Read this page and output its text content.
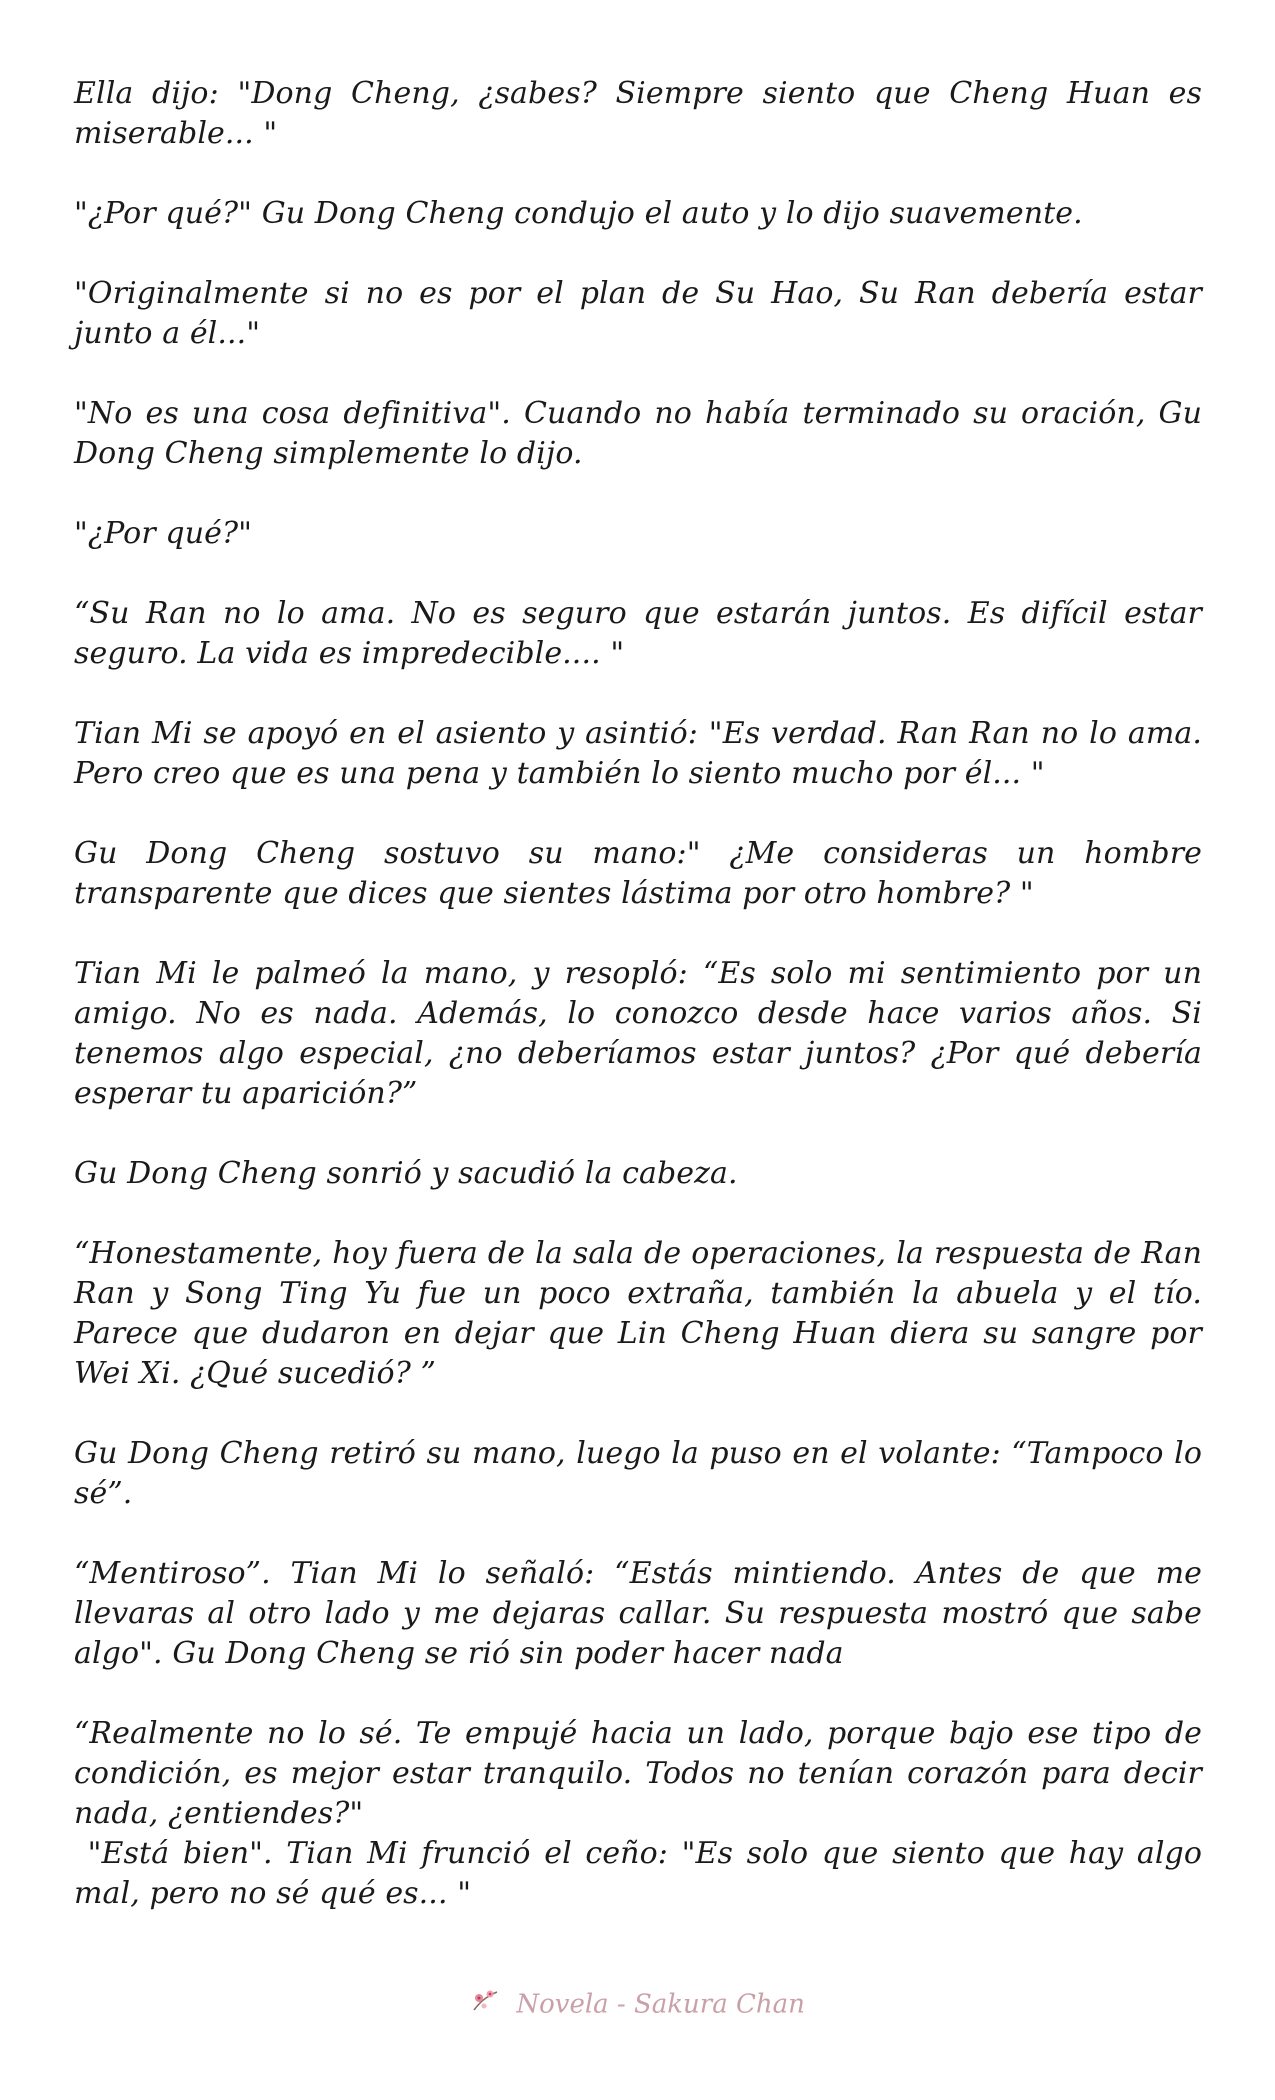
Ella dijo: "Dong Cheng, ¿sabes? Siempre siento que Cheng Huan es miserable... "

"¿Por qué?" Gu Dong Cheng condujo el auto y lo dijo suavemente.

"Originalmente si no es por el plan de Su Hao, Su Ran debería estar junto a él..."

"No es una cosa definitiva". Cuando no había terminado su oración, Gu Dong Cheng simplemente lo dijo.

"¿Por qué?"

“Su Ran no lo ama. No es seguro que estarán juntos. Es difícil estar seguro. La vida es impredecible.... "

Tian Mi se apoyó en el asiento y asintió: "Es verdad. Ran Ran no lo ama. Pero creo que es una pena y también lo siento mucho por él... "

Gu Dong Cheng sostuvo su mano:" ¿Me consideras un hombre transparente que dices que sientes lástima por otro hombre? "

Tian Mi le palmeó la mano, y resopló: “Es solo mi sentimiento por un amigo. No es nada. Además, lo conozco desde hace varios años. Si tenemos algo especial, ¿no deberíamos estar juntos? ¿Por qué debería esperar tu aparición?”

Gu Dong Cheng sonrió y sacudió la cabeza.

“Honestamente, hoy fuera de la sala de operaciones, la respuesta de Ran Ran y Song Ting Yu fue un poco extraña, también la abuela y el tío. Parece que dudaron en dejar que Lin Cheng Huan diera su sangre por Wei Xi. ¿Qué sucedió? ”

Gu Dong Cheng retiró su mano, luego la puso en el volante: “Tampoco lo sé”.

“Mentiroso”. Tian Mi lo señaló: “Estás mintiendo. Antes de que me llevaras al otro lado y me dejaras callar. Su respuesta mostró que sabe algo". Gu Dong Cheng se rió sin poder hacer nada

“Realmente no lo sé. Te empujé hacia un lado, porque bajo ese tipo de condición, es mejor estar tranquilo. Todos no tenían corazón para decir nada, ¿entiendes?"

"Está bien". Tian Mi frunció el ceño: "Es solo que siento que hay algo mal, pero no sé qué es... "

Novela - Sakura Chan
